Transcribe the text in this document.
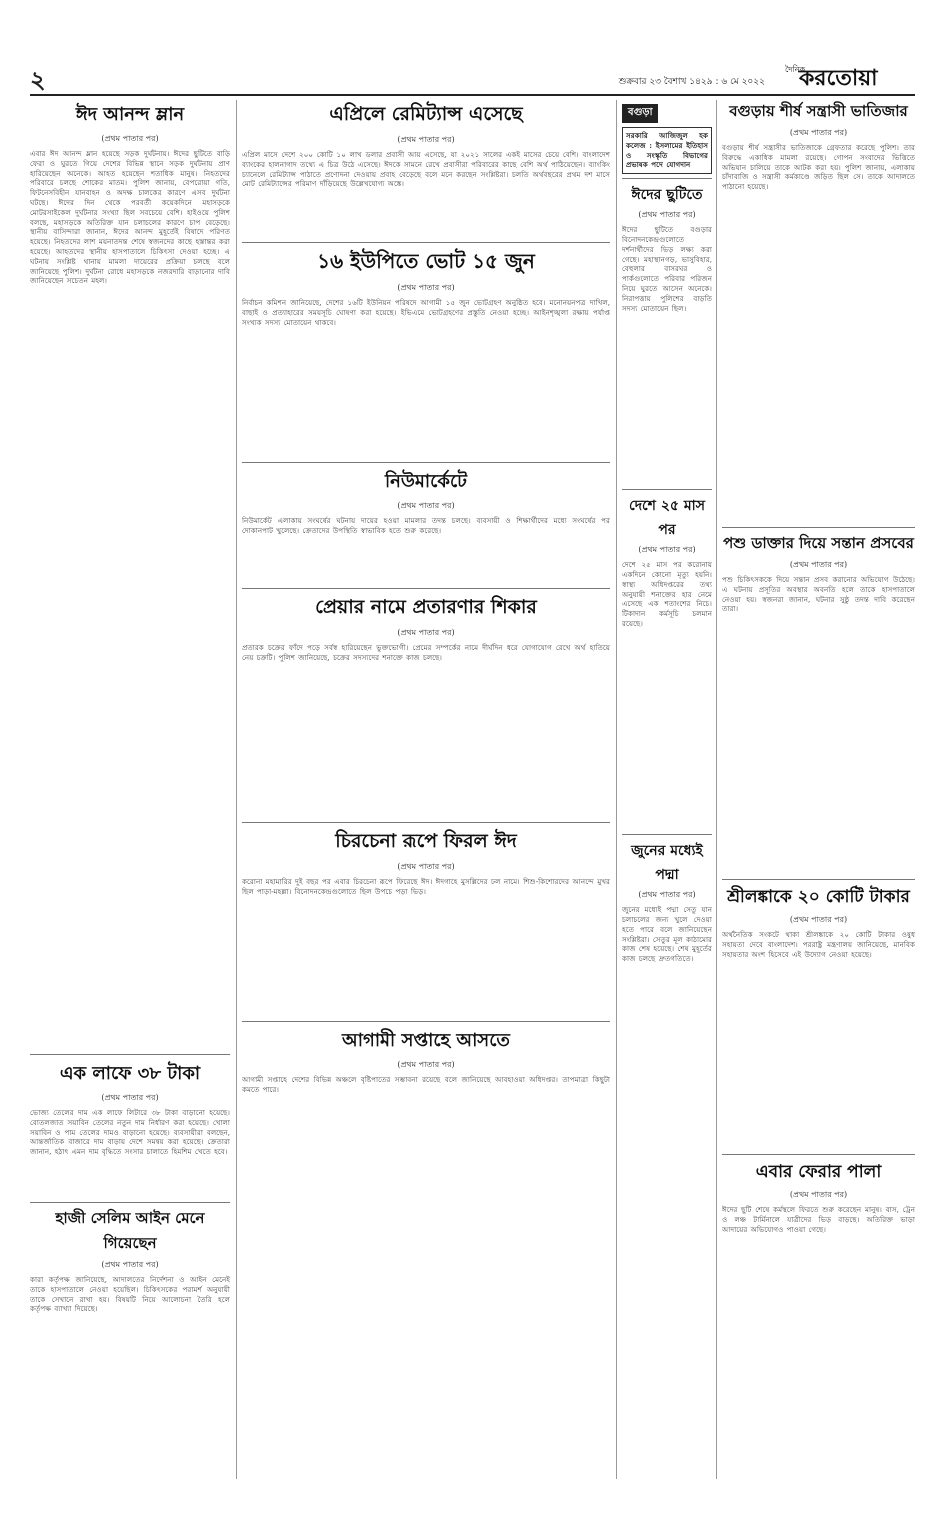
২	শুক্রবার ২৩ বৈশাখ ১৪২৯ : ৬ মে ২০২২
দৈনিক
করতোয়া
ঈদ আনন্দ ম্লান
(প্রথম পাতার পর)
এবার ঈদ আনন্দ ম্লান হয়েছে সড়ক দুর্ঘটনায়। ঈদের ছুটিতে বাড়ি ফেরা ও ঘুরতে গিয়ে দেশের বিভিন্ন স্থানে সড়ক দুর্ঘটনায় প্রাণ হারিয়েছেন অনেকে। আহত হয়েছেন শতাধিক মানুষ। নিহতদের পরিবারে চলছে শোকের মাতম। পুলিশ জানায়, বেপরোয়া গতি, ফিটনেসবিহীন যানবাহন ও অদক্ষ চালকের কারণে এসব দুর্ঘটনা ঘটছে। ঈদের দিন থেকে পরবর্তী কয়েকদিনে মহাসড়কে মোটরসাইকেল দুর্ঘটনার সংখ্যা ছিল সবচেয়ে বেশি। হাইওয়ে পুলিশ বলছে, মহাসড়কে অতিরিক্ত যান চলাচলের কারণে চাপ বেড়েছে। স্থানীয় বাসিন্দারা জানান, ঈদের আনন্দ মুহূর্তেই বিষাদে পরিণত হয়েছে। নিহতদের লাশ ময়নাতদন্ত শেষে স্বজনদের কাছে হস্তান্তর করা হয়েছে। আহতদের স্থানীয় হাসপাতালে চিকিৎসা দেওয়া হচ্ছে। এ ঘটনায় সংশ্লিষ্ট থানায় মামলা দায়েরের প্রক্রিয়া চলছে বলে জানিয়েছে পুলিশ। দুর্ঘটনা রোধে মহাসড়কে নজরদারি বাড়ানোর দাবি জানিয়েছেন সচেতন মহল।
এক লাফে ৩৮ টাকা
(প্রথম পাতার পর)
ভোজ্য তেলের দাম এক লাফে লিটারে ৩৮ টাকা বাড়ানো হয়েছে। বোতলজাত সয়াবিন তেলের নতুন দাম নির্ধারণ করা হয়েছে। খোলা সয়াবিন ও পাম তেলের দামও বাড়ানো হয়েছে। ব্যবসায়ীরা বলছেন, আন্তর্জাতিক বাজারে দাম বাড়ায় দেশে সমন্বয় করা হয়েছে। ক্রেতারা জানান, হঠাৎ এমন দাম বৃদ্ধিতে সংসার চালাতে হিমশিম খেতে হবে।
হাজী সেলিম আইন মেনে গিয়েছেন
(প্রথম পাতার পর)
কারা কর্তৃপক্ষ জানিয়েছে, আদালতের নির্দেশনা ও আইন মেনেই তাকে হাসপাতালে নেওয়া হয়েছিল। চিকিৎসকের পরামর্শ অনুযায়ী তাকে সেখানে রাখা হয়। বিষয়টি নিয়ে আলোচনা তৈরি হলে কর্তৃপক্ষ ব্যাখ্যা দিয়েছে।
এপ্রিলে রেমিট্যান্স এসেছে
(প্রথম পাতার পর)
এপ্রিল মাসে দেশে ২০০ কোটি ১০ লাখ ডলার প্রবাসী আয় এসেছে, যা ২০২১ সালের একই মাসের চেয়ে বেশি। বাংলাদেশ ব্যাংকের হালনাগাদ তথ্যে এ চিত্র উঠে এসেছে। ঈদকে সামনে রেখে প্রবাসীরা পরিবারের কাছে বেশি অর্থ পাঠিয়েছেন। ব্যাংকিং চ্যানেলে রেমিট্যান্স পাঠাতে প্রণোদনা দেওয়ায় প্রবাহ বেড়েছে বলে মনে করছেন সংশ্লিষ্টরা। চলতি অর্থবছরের প্রথম দশ মাসে মোট রেমিট্যান্সের পরিমাণ দাঁড়িয়েছে উল্লেখযোগ্য অঙ্কে।
১৬ ইউপিতে ভোট ১৫ জুন
(প্রথম পাতার পর)
নির্বাচন কমিশন জানিয়েছে, দেশের ১৬টি ইউনিয়ন পরিষদে আগামী ১৫ জুন ভোটগ্রহণ অনুষ্ঠিত হবে। মনোনয়নপত্র দাখিল, বাছাই ও প্রত্যাহারের সময়সূচি ঘোষণা করা হয়েছে। ইভিএমে ভোটগ্রহণের প্রস্তুতি নেওয়া হচ্ছে। আইনশৃঙ্খলা রক্ষায় পর্যাপ্ত সংখ্যক সদস্য মোতায়েন থাকবে।
নিউমার্কেটে
(প্রথম পাতার পর)
নিউমার্কেট এলাকায় সংঘর্ষের ঘটনায় দায়ের হওয়া মামলার তদন্ত চলছে। ব্যবসায়ী ও শিক্ষার্থীদের মধ্যে সংঘর্ষের পর দোকানপাট খুলেছে। ক্রেতাদের উপস্থিতি স্বাভাবিক হতে শুরু করেছে।
প্রেয়ার নামে প্রতারণার শিকার
(প্রথম পাতার পর)
প্রতারক চক্রের ফাঁদে পড়ে সর্বস্ব হারিয়েছেন ভুক্তভোগী। প্রেমের সম্পর্কের নামে দীর্ঘদিন ধরে যোগাযোগ রেখে অর্থ হাতিয়ে নেয় চক্রটি। পুলিশ জানিয়েছে, চক্রের সদস্যদের শনাক্তে কাজ চলছে।
চিরচেনা রূপে ফিরল ঈদ
(প্রথম পাতার পর)
করোনা মহামারির দুই বছর পর এবার চিরচেনা রূপে ফিরেছে ঈদ। ঈদগাহে মুসল্লিদের ঢল নামে। শিশু-কিশোরদের আনন্দে মুখর ছিল পাড়া-মহল্লা। বিনোদনকেন্দ্রগুলোতে ছিল উপচে পড়া ভিড়।
আগামী সপ্তাহে আসতে
(প্রথম পাতার পর)
আগামী সপ্তাহে দেশের বিভিন্ন অঞ্চলে বৃষ্টিপাতের সম্ভাবনা রয়েছে বলে জানিয়েছে আবহাওয়া অধিদপ্তর। তাপমাত্রা কিছুটা কমতে পারে।
বগুড়া
সরকারি আজিজুল হক কলেজ : ইসলামের ইতিহাস ও সংস্কৃতি বিভাগের প্রভাষক পদে যোগদান
ঈদের ছুটিতে
(প্রথম পাতার পর)
ঈদের ছুটিতে বগুড়ার বিনোদনকেন্দ্রগুলোতে দর্শনার্থীদের ভিড় লক্ষ্য করা গেছে। মহাস্থানগড়, ভাসুবিহার, বেহুলার বাসরঘর ও পার্কগুলোতে পরিবার পরিজন নিয়ে ঘুরতে আসেন অনেকে। নিরাপত্তায় পুলিশের বাড়তি সদস্য মোতায়েন ছিল।
দেশে ২৫ মাস পর
(প্রথম পাতার পর)
দেশে ২৫ মাস পর করোনায় একদিনে কোনো মৃত্যু হয়নি। স্বাস্থ্য অধিদপ্তরের তথ্য অনুযায়ী শনাক্তের হার নেমে এসেছে এক শতাংশের নিচে। টিকাদান কর্মসূচি চলমান রয়েছে।
জুনের মধ্যেই পদ্মা
(প্রথম পাতার পর)
জুনের মধ্যেই পদ্মা সেতু যান চলাচলের জন্য খুলে দেওয়া হতে পারে বলে জানিয়েছেন সংশ্লিষ্টরা। সেতুর মূল কাঠামোর কাজ শেষ হয়েছে। শেষ মুহূর্তের কাজ চলছে দ্রুতগতিতে।
বগুড়ায় শীর্ষ সন্ত্রাসী ভাতিজার
(প্রথম পাতার পর)
বগুড়ায় শীর্ষ সন্ত্রাসীর ভাতিজাকে গ্রেফতার করেছে পুলিশ। তার বিরুদ্ধে একাধিক মামলা রয়েছে। গোপন সংবাদের ভিত্তিতে অভিযান চালিয়ে তাকে আটক করা হয়। পুলিশ জানায়, এলাকায় চাঁদাবাজি ও সন্ত্রাসী কর্মকাণ্ডে জড়িত ছিল সে। তাকে আদালতে পাঠানো হয়েছে।
পশু ডাক্তার দিয়ে সন্তান প্রসবের
(প্রথম পাতার পর)
পশু চিকিৎসককে দিয়ে সন্তান প্রসব করানোর অভিযোগ উঠেছে। এ ঘটনায় প্রসূতির অবস্থার অবনতি হলে তাকে হাসপাতালে নেওয়া হয়। স্বজনরা জানান, ঘটনার সুষ্ঠু তদন্ত দাবি করেছেন তারা।
শ্রীলঙ্কাকে ২০ কোটি টাকার
(প্রথম পাতার পর)
অর্থনৈতিক সংকটে থাকা শ্রীলঙ্কাকে ২০ কোটি টাকার ওষুধ সহায়তা দেবে বাংলাদেশ। পররাষ্ট্র মন্ত্রণালয় জানিয়েছে, মানবিক সহায়তার অংশ হিসেবে এই উদ্যোগ নেওয়া হয়েছে।
এবার ফেরার পালা
(প্রথম পাতার পর)
ঈদের ছুটি শেষে কর্মস্থলে ফিরতে শুরু করেছেন মানুষ। বাস, ট্রেন ও লঞ্চ টার্মিনালে যাত্রীদের ভিড় বাড়ছে। অতিরিক্ত ভাড়া আদায়ের অভিযোগও পাওয়া গেছে।
